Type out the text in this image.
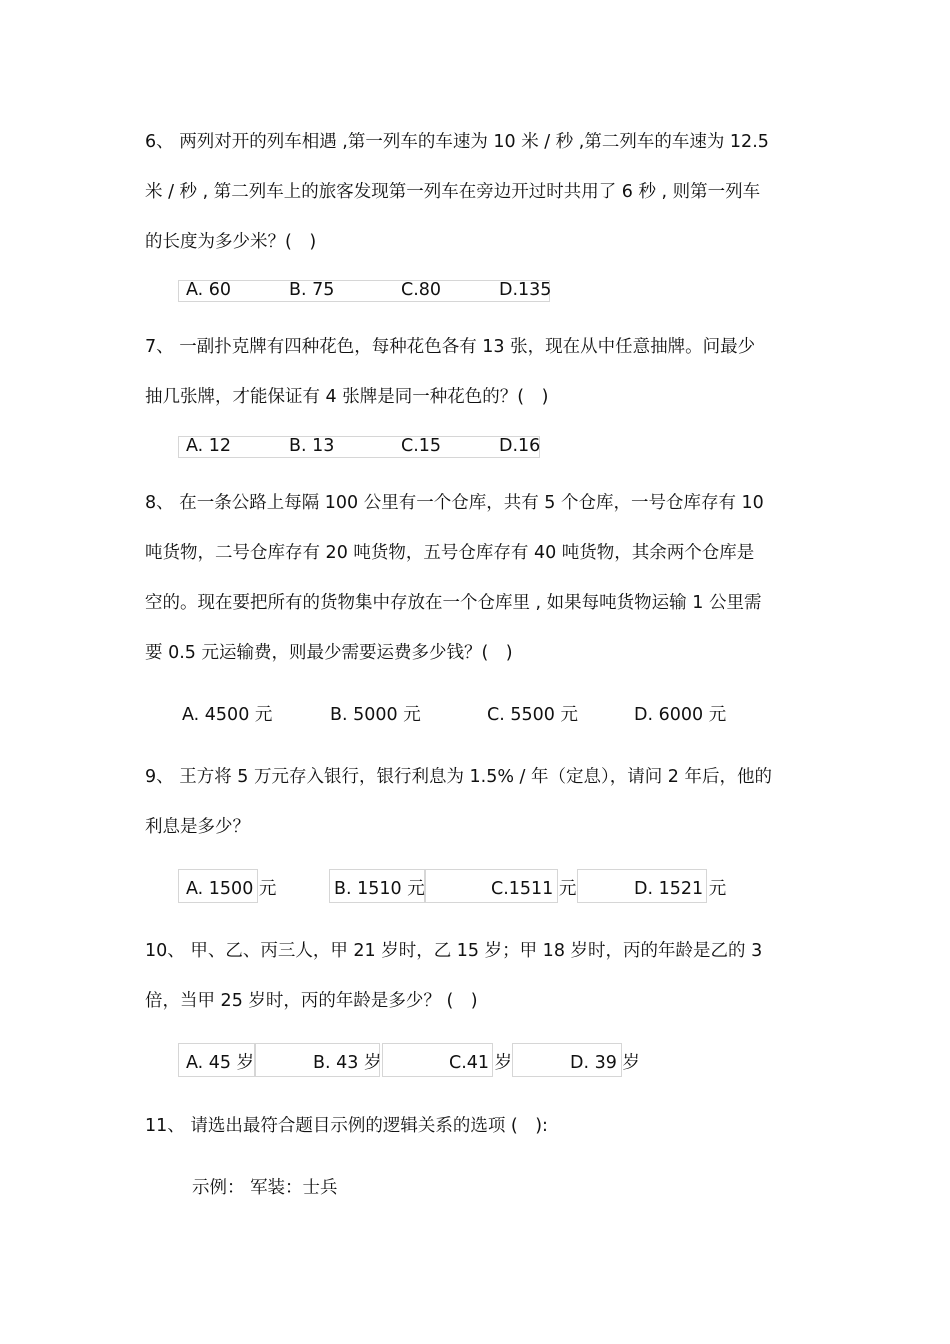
6、 两列对开的列车相遇 ,第一列车的车速为 10 米 / 秒 ,第二列车的车速为 12.5
米 / 秒 , 第二列车上的旅客发现第一列车在旁边开过时共用了 6 秒 , 则第一列车
的长度为多少米？(　)
A. 60	B. 75	C.80	D.135
7、 一副扑克牌有四种花色，每种花色各有 13 张，现在从中任意抽牌。问最少
抽几张牌，才能保证有 4 张牌是同一种花色的？(　)
A. 12	B. 13	C.15	D.16
8、 在一条公路上每隔 100 公里有一个仓库，共有 5 个仓库，一号仓库存有 10
吨货物，二号仓库存有 20 吨货物，五号仓库存有 40 吨货物，其余两个仓库是
空的。现在要把所有的货物集中存放在一个仓库里 , 如果每吨货物运输 1 公里需
要 0.5 元运输费，则最少需要运费多少钱？(　)
A. 4500 元	B. 5000 元	C. 5500 元	D. 6000 元
9、 王方将 5 万元存入银行，银行利息为 1.5% / 年（定息），请问 2 年后，他的
利息是多少？
A. 1500 元	B. 1510 元	C.1511 元	D. 1521 元
10、 甲、乙、丙三人，甲 21 岁时，乙 15 岁；甲 18 岁时，丙的年龄是乙的 3
倍，当甲 25 岁时，丙的年龄是多少？ (　)
A. 45 岁	B. 43 岁	C.41 岁	D. 39 岁
11、 请选出最符合题目示例的逻辑关系的选项 (　):
示例： 军装：士兵
